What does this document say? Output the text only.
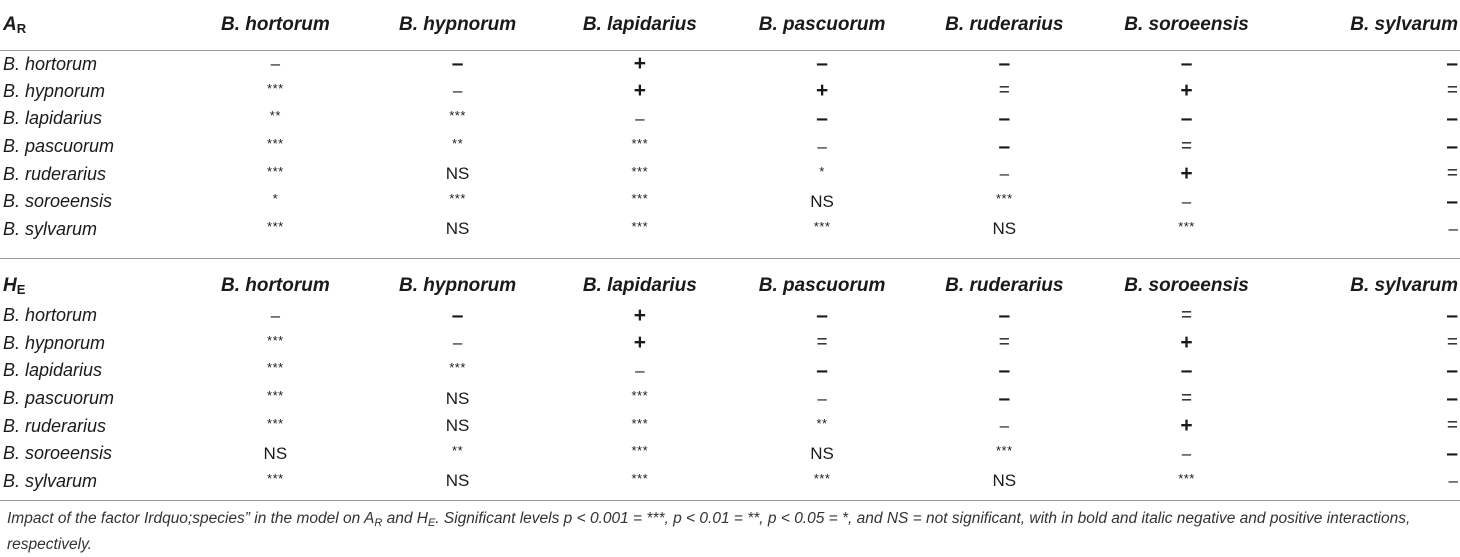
$A_R$	B. hortorum	B. hypnorum	B. lapidarius	B. pascuorum	B. ruderarius	B. soroeensis	B. sylvarum
B. hortorum	–	–	+	–	–	–	–
B. hypnorum	***	–	+	+	=	+	=
B. lapidarius	**	***	–	–	–	–	–
B. pascuorum	***	**	***	–	–	=	–
B. ruderarius	***	NS	***	*	–	+	=
B. soroeensis	*	***	***	NS	***	–	–
B. sylvarum	***	NS	***	***	NS	***	–
$H_E$	B. hortorum	B. hypnorum	B. lapidarius	B. pascuorum	B. ruderarius	B. soroeensis	B. sylvarum
B. hortorum	–	–	+	–	–	=	–
B. hypnorum	***	–	+	=	=	+	=
B. lapidarius	***	***	–	–	–	–	–
B. pascuorum	***	NS	***	–	–	=	–
B. ruderarius	***	NS	***	**	–	+	=
B. soroeensis	NS	**	***	NS	***	–	–
B. sylvarum	***	NS	***	***	NS	***	–
Impact of the factor Irdquo;species” in the model on $A_R$ and $H_E$. Significant levels p < 0.001 = ***, p < 0.01 = **, p < 0.05 = *, and NS = not significant, with in bold and italic negative and positive interactions, respectively.
